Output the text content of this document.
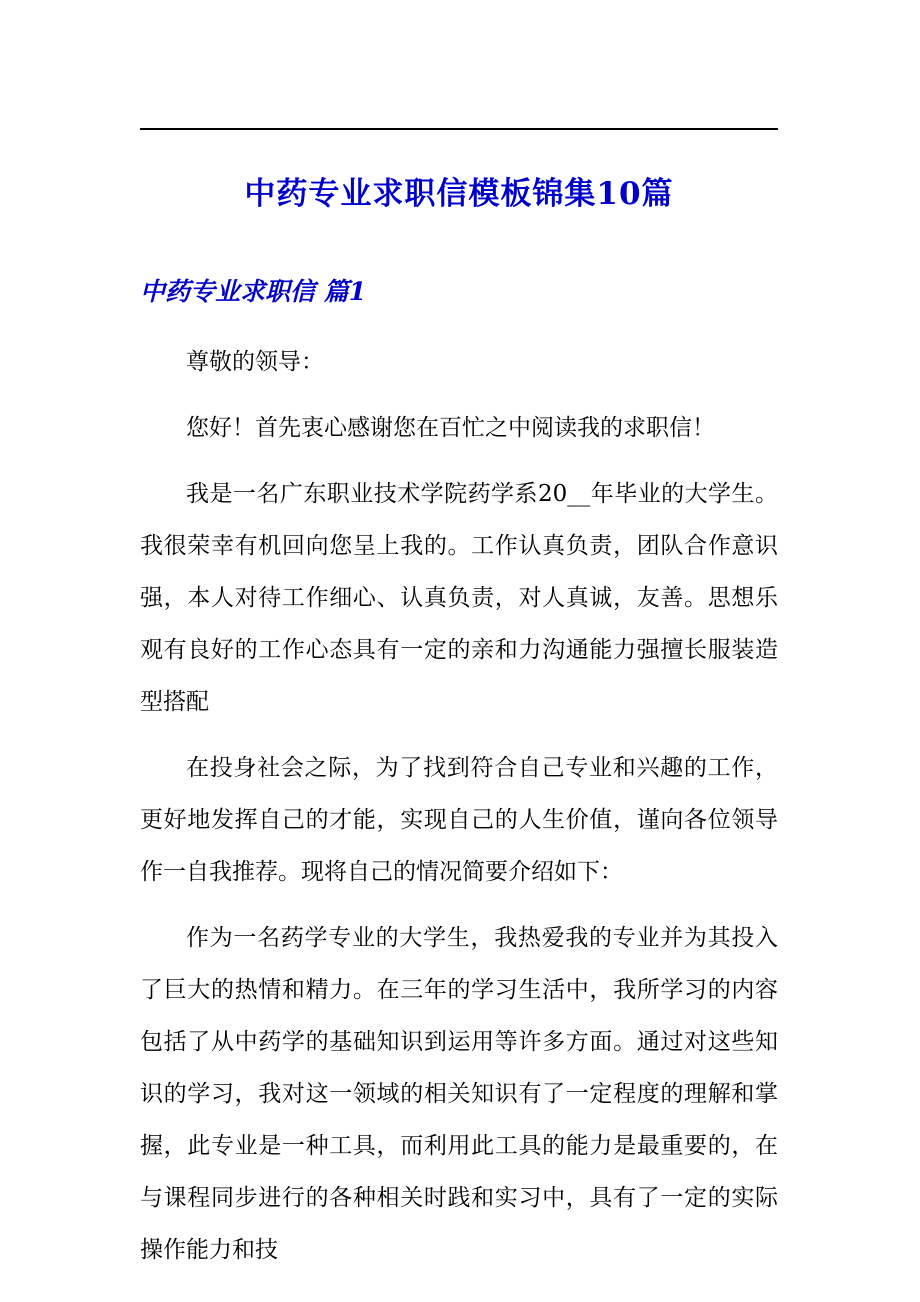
中药专业求职信模板锦集10篇
中药专业求职信 篇1

尊敬的领导：

您好！首先衷心感谢您在百忙之中阅读我的求职信！

我是一名广东职业技术学院药学系20__年毕业的大学生。我很荣幸有机回向您呈上我的。工作认真负责，团队合作意识强，本人对待工作细心、认真负责，对人真诚，友善。思想乐观有良好的工作心态具有一定的亲和力沟通能力强擅长服装造型搭配

在投身社会之际，为了找到符合自己专业和兴趣的工作，更好地发挥自己的才能，实现自己的人生价值，谨向各位领导作一自我推荐。现将自己的情况简要介绍如下：

作为一名药学专业的大学生，我热爱我的专业并为其投入了巨大的热情和精力。在三年的学习生活中，我所学习的内容包括了从中药学的基础知识到运用等许多方面。通过对这些知识的学习，我对这一领域的相关知识有了一定程度的理解和掌握，此专业是一种工具，而利用此工具的能力是最重要的，在与课程同步进行的各种相关时践和实习中，具有了一定的实际操作能力和技
